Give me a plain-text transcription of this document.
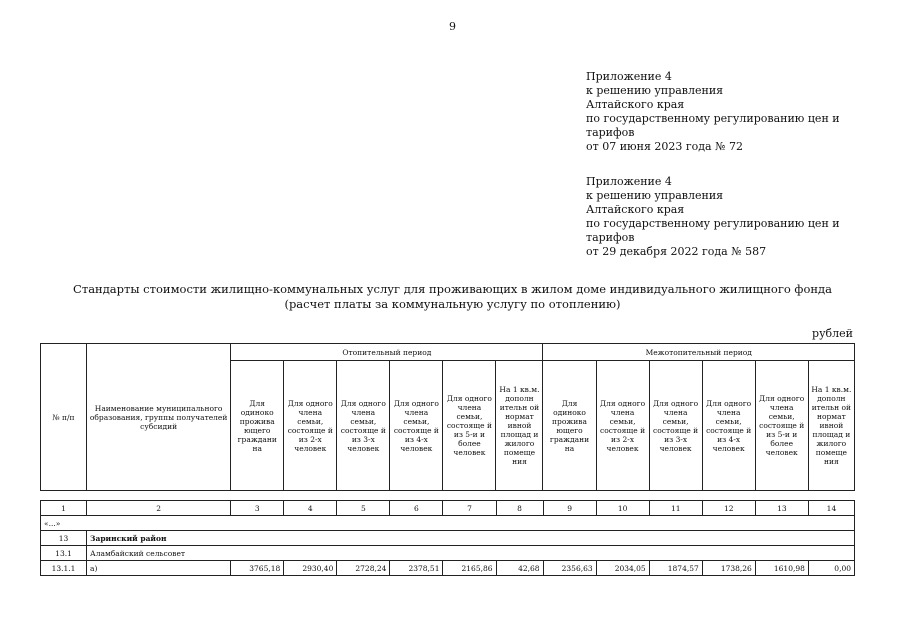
9
Приложение 4
к решению управления
Алтайского края
по государственному регулированию цен и
тарифов
от 07 июня 2023 года № 72
Приложение 4
к решению управления
Алтайского края
по государственному регулированию цен и
тарифов
от 29 декабря 2022 года № 587
Стандарты стоимости жилищно-коммунальных услуг для проживающих в жилом доме индивидуального жилищного фонда
(расчет платы за коммунальную услугу по отоплению)
рублей
№ п/п	Наименование муниципального образования, группы получателей субсидий	Отопительный период						Межотопительный период					
		Для одиноко прожива ющего граждани на	Для одного члена семьи, состояще й из 2-х человек	Для одного члена семьи, состояще й из 3-х человек	Для одного члена семьи, состояще й из 4-х человек	Для одного члена семьи, состояще й из 5-и и более человек	На 1 кв.м. дополн ительн ой нормат ивной площад и жилого помеще ния	Для одиноко прожива ющего граждани на	Для одного члена семьи, состояще й из 2-х человек	Для одного члена семьи, состояще й из 3-х человек	Для одного члена семьи, состояще й из 4-х человек	Для одного члена семьи, состояще й из 5-и и более человек	На 1 кв.м. дополн ительн ой нормат ивной площад и жилого помеще ния
1	2	3	4	5	6	7	8	9	10	11	12	13	14
«...»													
13	Заринский район												
13.1	Аламбайский сельсовет												
13.1.1	а)	3765,18	2930,40	2728,24	2378,51	2165,86	42,68	2356,63	2034,05	1874,57	1738,26	1610,98	0,00
